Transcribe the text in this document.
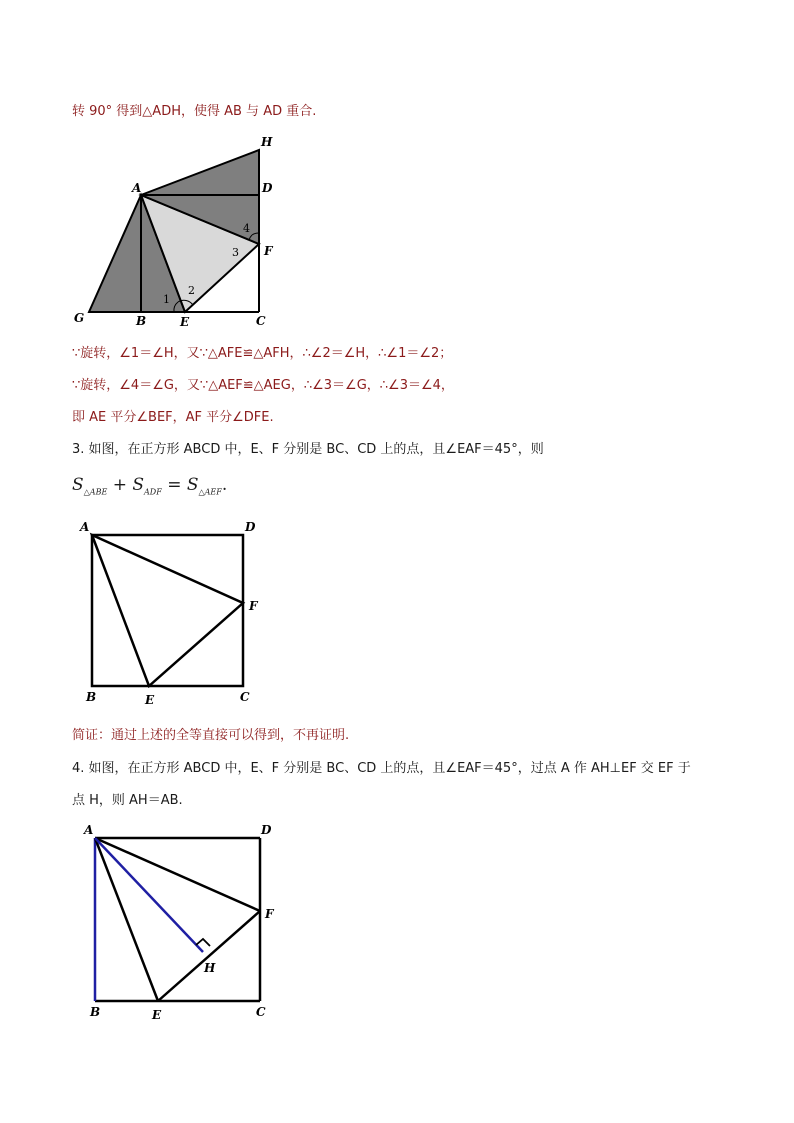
转 90° 得到△ADH，使得 AB 与 AD 重合.
∵旋转，∠1＝∠H，又∵△AFE≌△AFH，∴∠2＝∠H，∴∠1＝∠2；
∵旋转，∠4＝∠G，又∵△AEF≌△AEG，∴∠3＝∠G，∴∠3＝∠4，
即 AE 平分∠BEF，AF 平分∠DFE.
3. 如图，在正方形 ABCD 中，E、F 分别是 BC、CD 上的点，且∠EAF＝45°，则
$S_{\triangle ABE} + S_{ADF} = S_{\triangle AEF}$.
简证：通过上述的全等直接可以得到，不再证明.
4. 如图，在正方形 ABCD 中，E、F 分别是 BC、CD 上的点，且∠EAF＝45°，过点 A 作 AH⊥EF 交 EF 于
点 H，则 AH＝AB.
H
A	D
F
G	B	E	C
1
2
3
4
A	D
F
B	E	C
A	D
F
H
B	E	C
